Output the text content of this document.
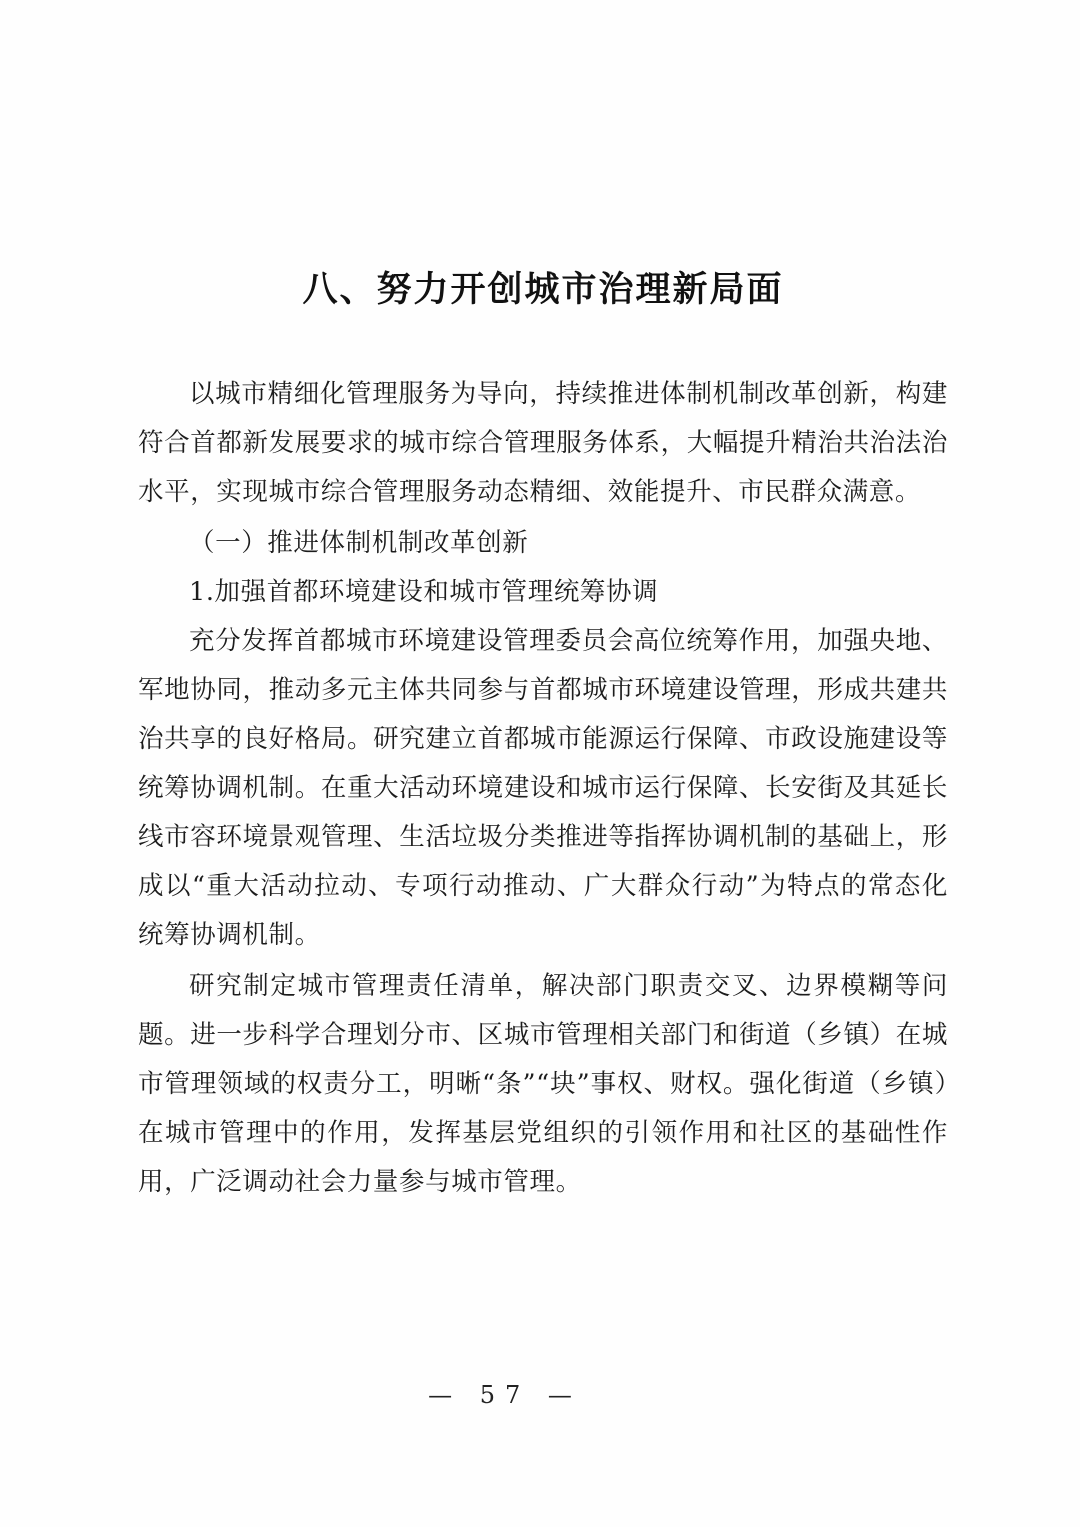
八、努力开创城市治理新局面

以城市精细化管理服务为导向，持续推进体制机制改革创新，构建符合首都新发展要求的城市综合管理服务体系，大幅提升精治共治法治水平，实现城市综合管理服务动态精细、效能提升、市民群众满意。

（一）推进体制机制改革创新

1.加强首都环境建设和城市管理统筹协调

充分发挥首都城市环境建设管理委员会高位统筹作用，加强央地、军地协同，推动多元主体共同参与首都城市环境建设管理，形成共建共治共享的良好格局。研究建立首都城市能源运行保障、市政设施建设等统筹协调机制。在重大活动环境建设和城市运行保障、长安街及其延长线市容环境景观管理、生活垃圾分类推进等指挥协调机制的基础上，形成以“重大活动拉动、专项行动推动、广大群众行动”为特点的常态化统筹协调机制。

研究制定城市管理责任清单，解决部门职责交叉、边界模糊等问题。进一步科学合理划分市、区城市管理相关部门和街道（乡镇）在城市管理领域的权责分工，明晰“条”“块”事权、财权。强化街道（乡镇）在城市管理中的作用，发挥基层党组织的引领作用和社区的基础性作用，广泛调动社会力量参与城市管理。

— 57 —
